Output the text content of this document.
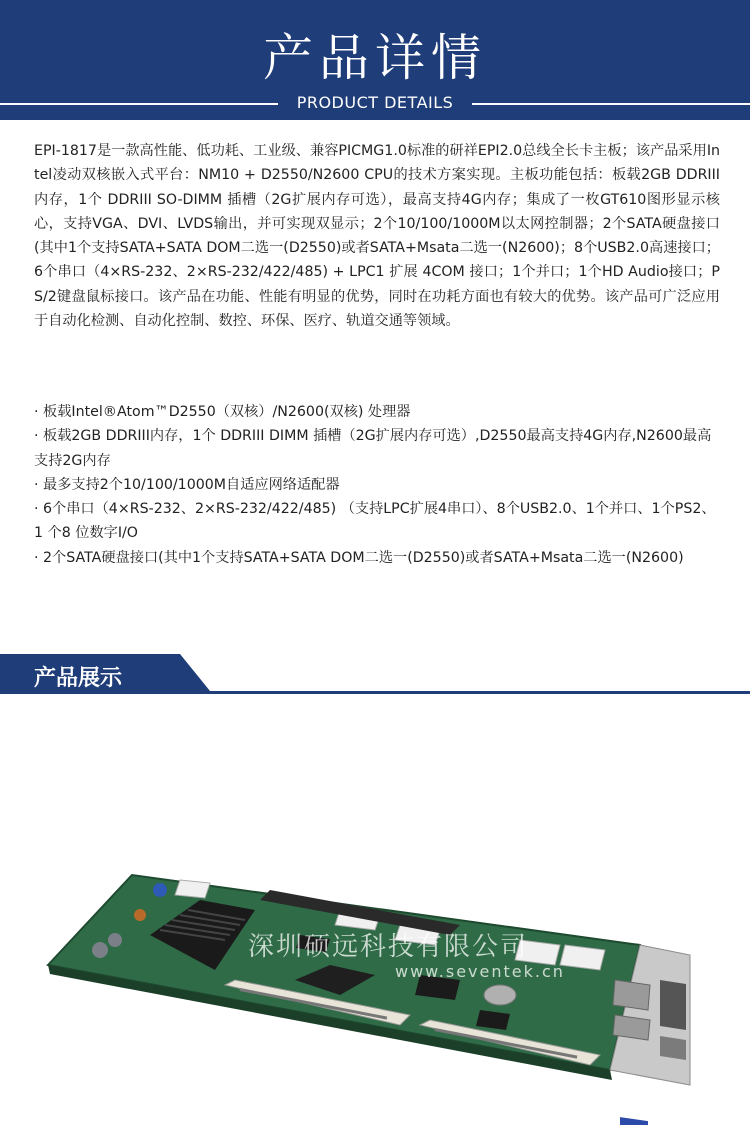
产品详情
PRODUCT DETAILS
EPI-1817是一款高性能、低功耗、工业级、兼容PICMG1.0标准的研祥EPI2.0总线全长卡主板；该产品采用Intel凌动双核嵌入式平台：NM10 + D2550/N2600 CPU的技术方案实现。主板功能包括：板载2GB DDRIII内存，1个 DDRIII SO-DIMM 插槽（2G扩展内存可选），最高支持4G内存；集成了一枚GT610图形显示核心，支持VGA、DVI、LVDS输出，并可实现双显示；2个10/100/1000M以太网控制器；2个SATA硬盘接口(其中1个支持SATA+SATA DOM二选一(D2550)或者SATA+Msata二选一(N2600)；8个USB2.0高速接口； 6个串口（4×RS-232、2×RS-232/422/485) + LPC1 扩展 4COM 接口；1个并口；1个HD Audio接口；PS/2键盘鼠标接口。该产品在功能、性能有明显的优势，同时在功耗方面也有较大的优势。该产品可广泛应用于自动化检测、自动化控制、数控、环保、医疗、轨道交通等领域。

· 板载Intel®Atom™D2550（双核）/N2600(双核) 处理器

· 板载2GB DDRIII内存，1个 DDRIII DIMM 插槽（2G扩展内存可选）,D2550最高支持4G内存,N2600最高支持2G内存

· 最多支持2个10/100/1000M自适应网络适配器

· 6个串口（4×RS-232、2×RS-232/422/485) （支持LPC扩展4串口）、8个USB2.0、1个并口、1个PS2、1 个8 位数字I/O

· 2个SATA硬盘接口(其中1个支持SATA+SATA DOM二选一(D2550)或者SATA+Msata二选一(N2600)

产品展示
深圳硕远科技有限公司
www.seventek.cn
